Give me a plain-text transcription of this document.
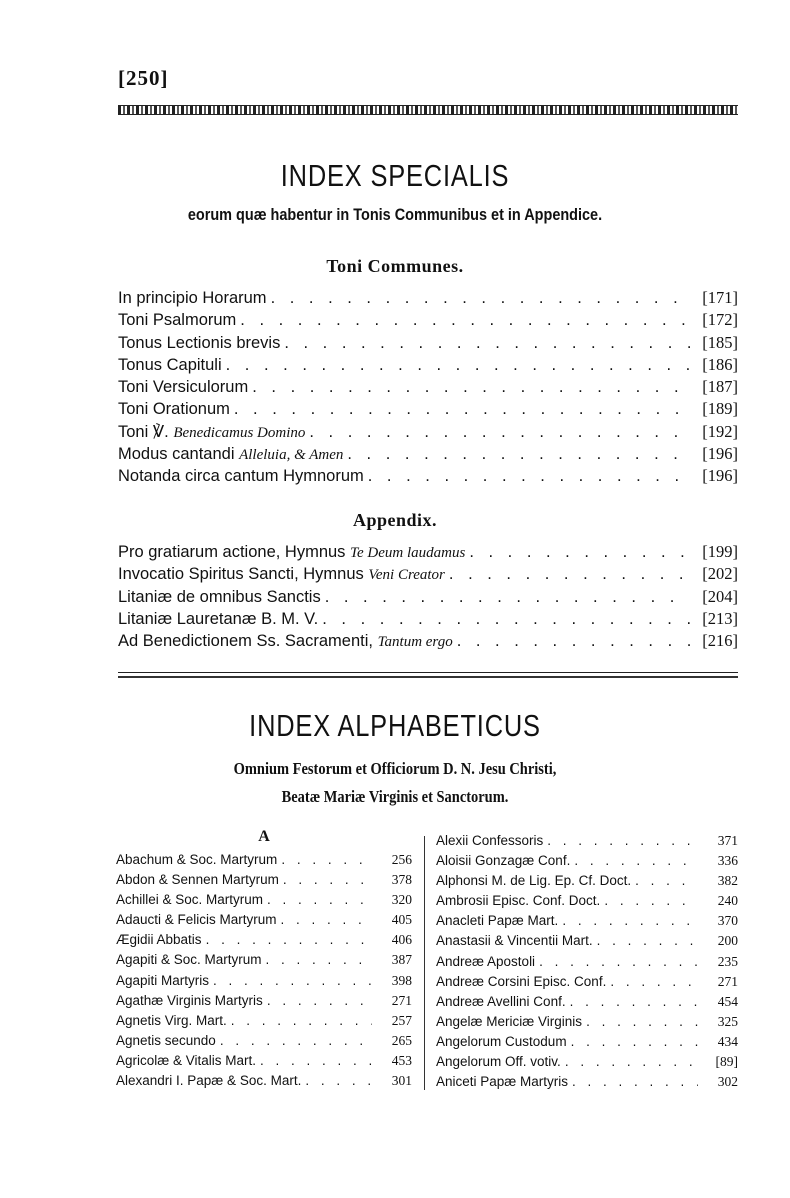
[250]
INDEX SPECIALIS
eorum quæ habentur in Tonis Communibus et in Appendice.
Toni Communes.
In principio Horarum . . .	[171]
Toni Psalmorum . . .	[172]
Tonus Lectionis brevis . . .	[185]
Tonus Capituli . . .	[186]
Toni Versiculorum . . .	[187]
Toni Orationum . . .	[189]
Toni ℣. Benedicamus Domino . . .	[192]
Modus cantandi Alleluia, & Amen . . .	[196]
Notanda circa cantum Hymnorum . . .	[196]
Appendix.
Pro gratiarum actione, Hymnus Te Deum laudamus . . .	[199]
Invocatio Spiritus Sancti, Hymnus Veni Creator . . .	[202]
Litaniæ de omnibus Sanctis . . .	[204]
Litaniæ Lauretanæ B. M. V. . . .	[213]
Ad Benedictionem Ss. Sacramenti, Tantum ergo . . .	[216]
INDEX ALPHABETICUS
Omnium Festorum et Officiorum D. N. Jesu Christi,
Beatæ Mariæ Virginis et Sanctorum.
A
Abachum & Soc. Martyrum . . .	256
Abdon & Sennen Martyrum . . .	378
Achillei & Soc. Martyrum . . .	320
Adaucti & Felicis Martyrum . . .	405
Ægidii Abbatis . . .	406
Agapiti & Soc. Martyrum . . .	387
Agapiti Martyris . . .	398
Agathæ Virginis Martyris . . .	271
Agnetis Virg. Mart. . . .	257
Agnetis secundo . . .	265
Agricolæ & Vitalis Mart. . . .	453
Alexandri I. Papæ & Soc. Mart. . . .	301
Alexii Confessoris . . .	371
Aloisii Gonzagæ Conf. . . .	336
Alphonsi M. de Lig. Ep. Cf. Doct. . . .	382
Ambrosii Episc. Conf. Doct. . . .	240
Anacleti Papæ Mart. . . .	370
Anastasii & Vincentii Mart. . . .	200
Andreæ Apostoli . . .	235
Andreæ Corsini Episc. Conf. . . .	271
Andreæ Avellini Conf. . . .	454
Angelæ Mericiæ Virginis . . .	325
Angelorum Custodum . . .	434
Angelorum Off. votiv. . . .	[89]
Aniceti Papæ Martyris . . .	302
